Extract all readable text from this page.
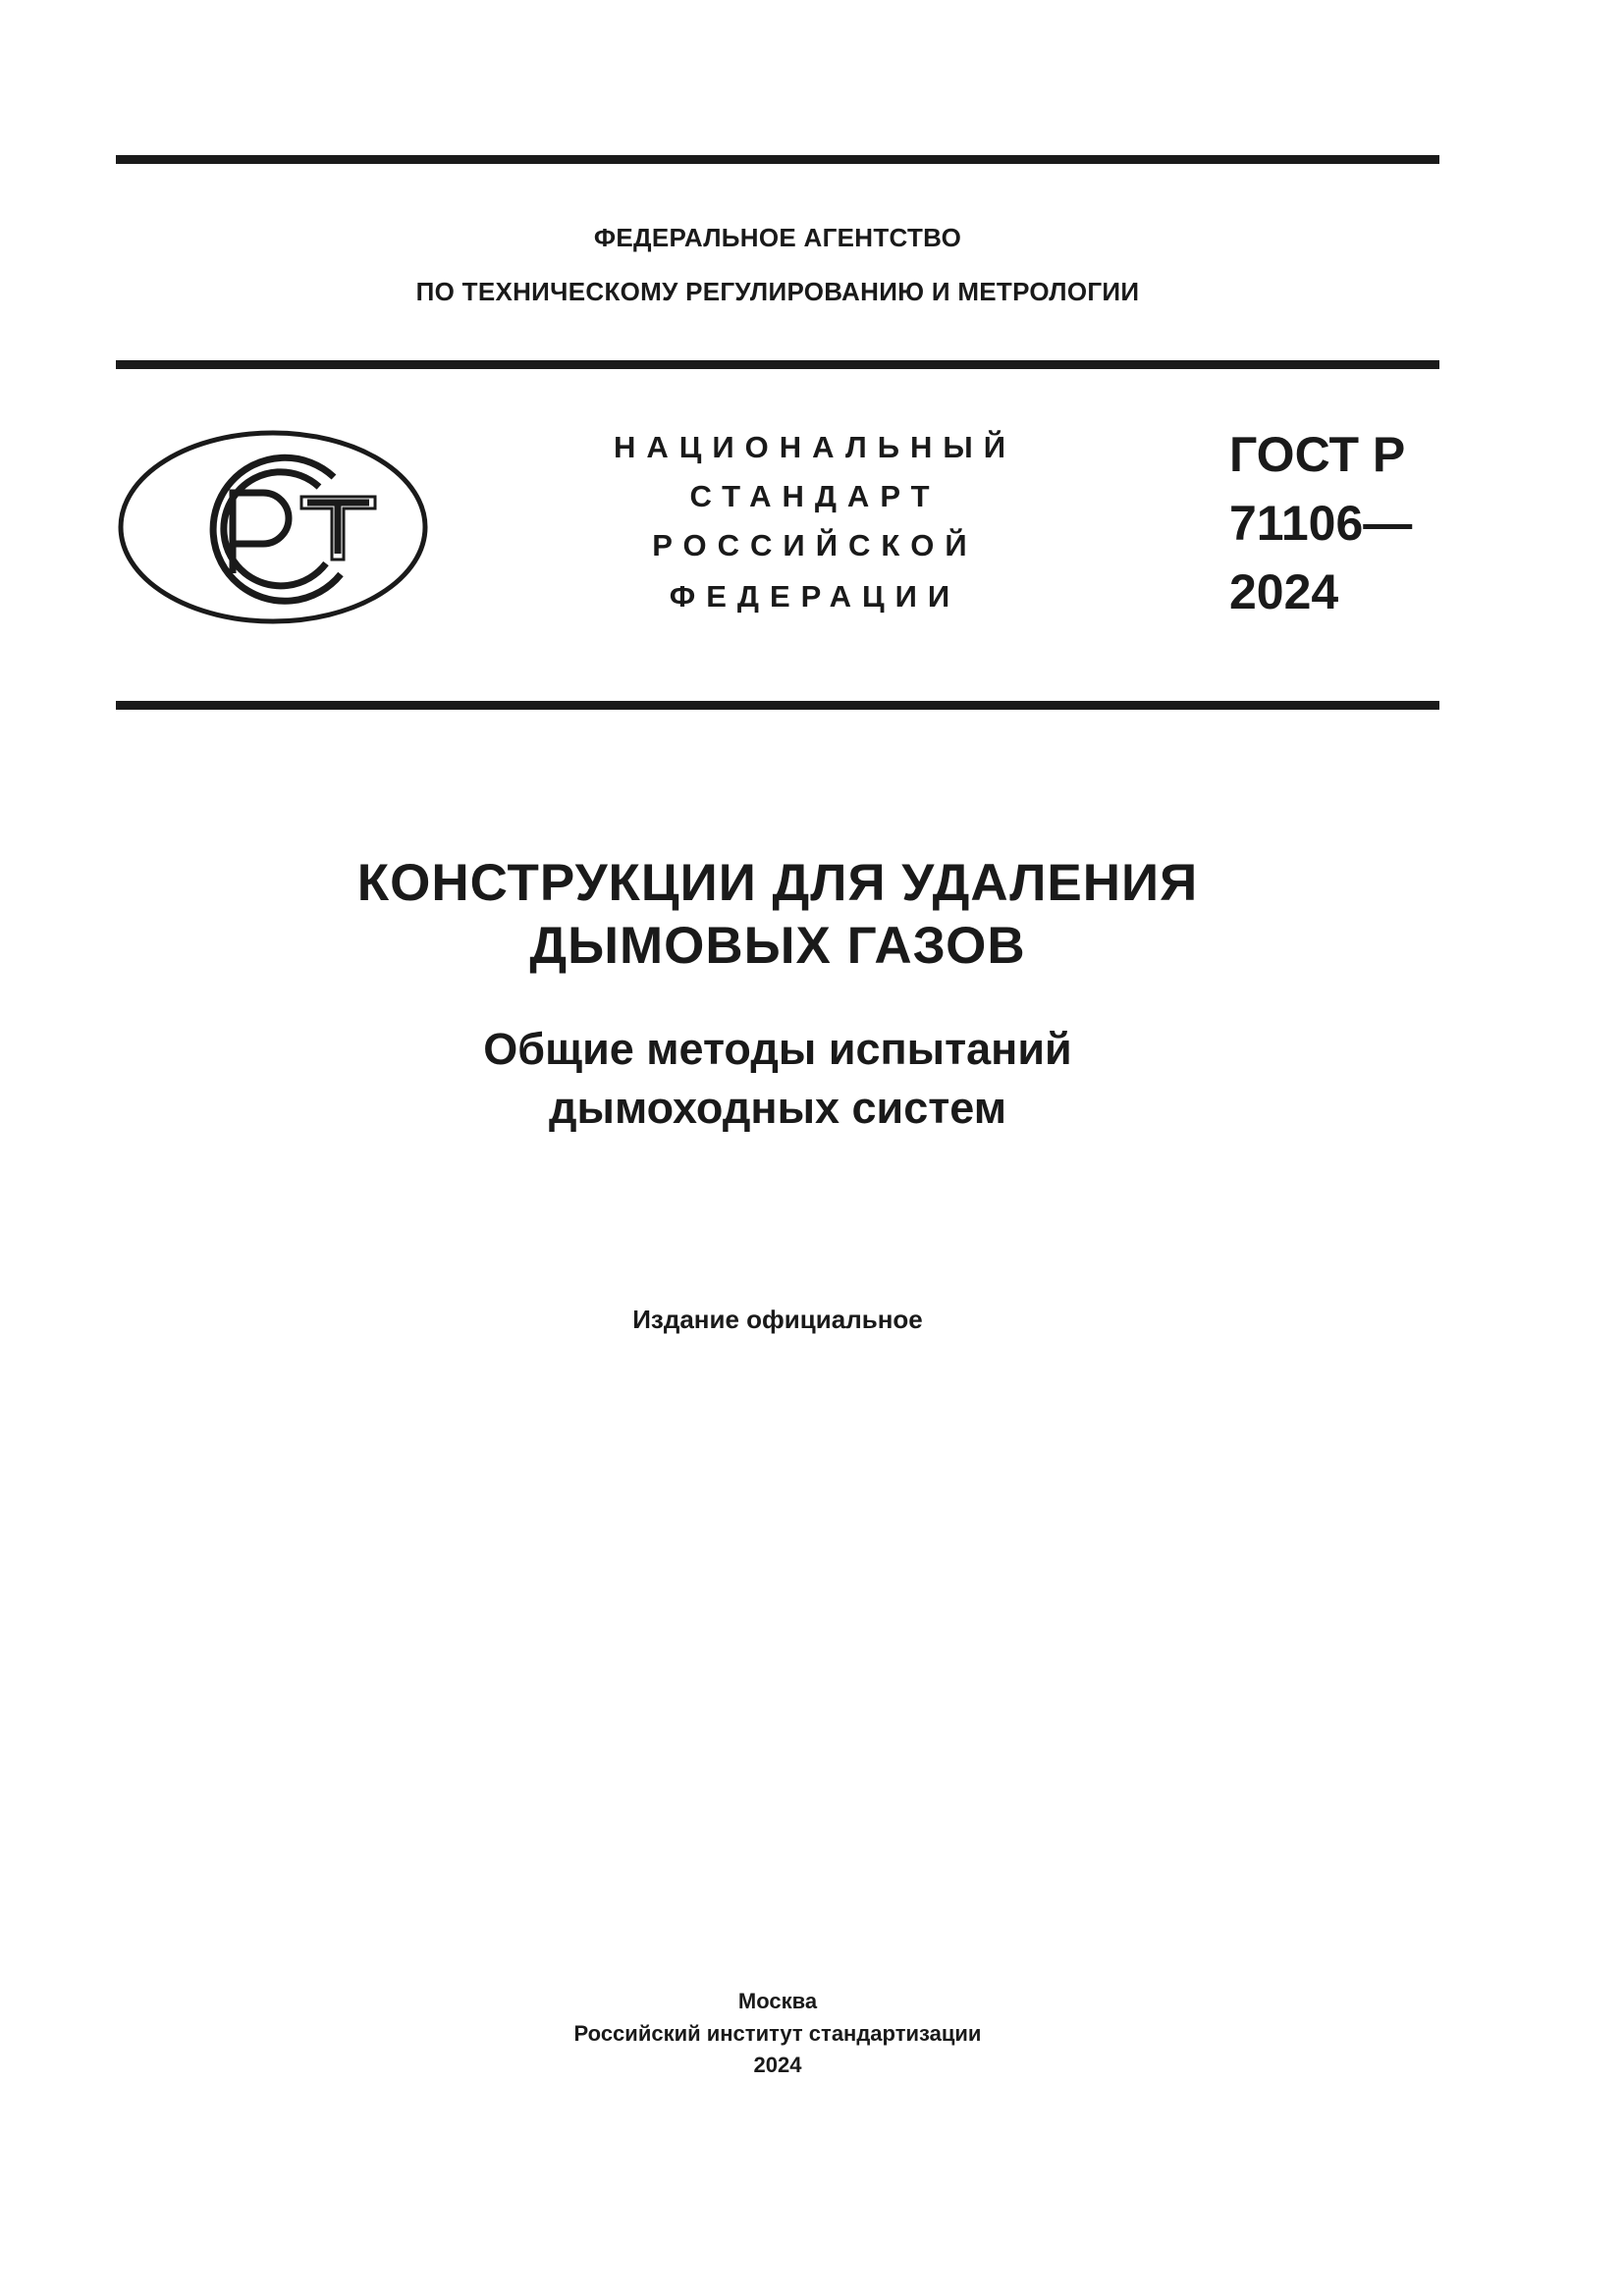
ФЕДЕРАЛЬНОЕ АГЕНТСТВО
ПО ТЕХНИЧЕСКОМУ РЕГУЛИРОВАНИЮ И МЕТРОЛОГИИ
НАЦИОНАЛЬНЫЙ
СТАНДАРТ
РОССИЙСКОЙ
ФЕДЕРАЦИИ
ГОСТ Р
71106—
2024
КОНСТРУКЦИИ ДЛЯ УДАЛЕНИЯ
ДЫМОВЫХ ГАЗОВ
Общие методы испытаний
дымоходных систем
Издание официальное
Москва
Российский институт стандартизации
2024
